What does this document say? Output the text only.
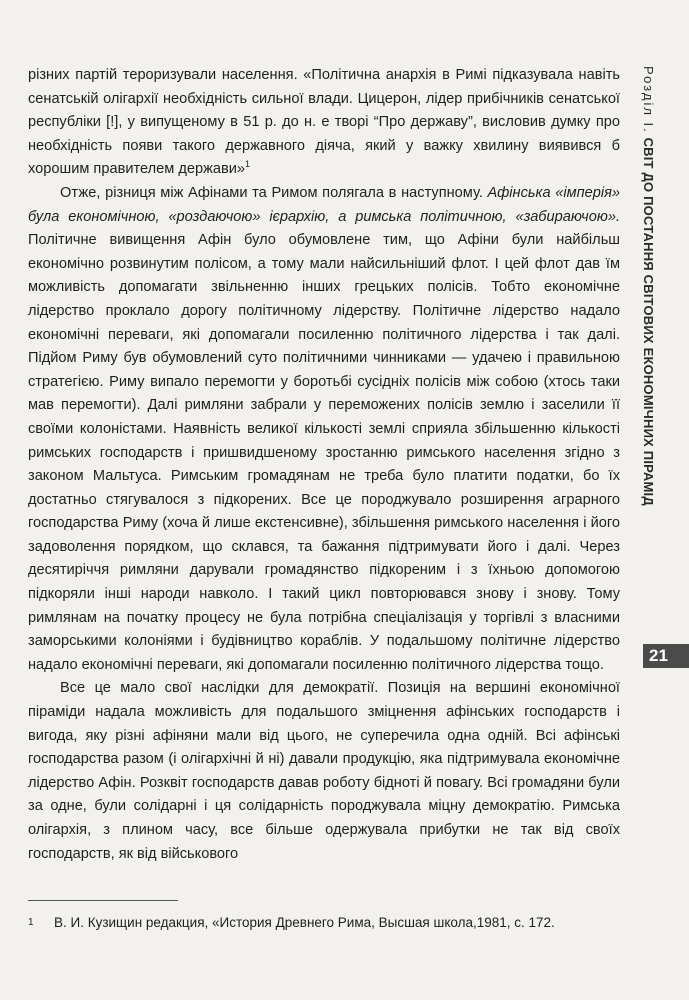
різних партій тероризували населення. «Політична анархія в Римі підказувала навіть сенатській олігархії необхідність сильної влади. Цицерон, лідер прибічників сенатської республіки [!], у випущеному в 51 р. до н. е творі “Про державу”, висловив думку про необхідність появи такого державного діяча, який у важку хвилину виявився б хорошим правителем держави»$^1$

Отже, різниця між Афінами та Римом полягала в наступному. Афінська «імперія» була економічною, «роздаючою» ієрархію, а римська політичною, «забираючою». Політичне вивищення Афін було обумовлене тим, що Афіни були найбільш економічно розвинутим полісом, а тому мали найсильніший флот. І цей флот дав їм можливість допомагати звільненню інших грецьких полісів. Тобто економічне лідерство проклало дорогу політичному лідерству. Політичне лідерство надало економічні переваги, які допомагали посиленню політичного лідерства і так далі. Підйом Риму був обумовлений суто політичними чинниками — удачею і правильною стратегією. Риму випало перемогти у боротьбі сусідніх полісів між собою (хтось таки мав перемогти). Далі римляни забрали у переможених полісів землю і заселили її своїми колоністами. Наявність великої кількості землі сприяла збільшенню кількості римських господарств і пришвидшеному зростанню римського населення згідно з законом Мальтуса. Римським громадянам не треба було платити податки, бо їх достатньо стягувалося з підкорених. Все це породжувало розширення аграрного господарства Риму (хоча й лише екстенсивне), збільшення римського населення і його задоволення порядком, що склався, та бажання підтримувати його і далі. Через десятиріччя римляни дарували громадянство підкореним і з їхньою допомогою підкоряли інші народи навколо. І такий цикл повторювався знову і знову. Тому римлянам на початку процесу не була потрібна спеціалізація у торгівлі з власними заморськими колоніями і будівництво кораблів. У подальшому політичне лідерство надало економічні переваги, які допомагали посиленню політичного лідерства тощо.

Все це мало свої наслідки для демократії. Позиція на вершині економічної піраміди надала можливість для подальшого зміцнення афінських господарств і вигода, яку різні афіняни мали від цього, не суперечила одна одній. Всі афінські господарства разом (і олігархічні й ні) давали продукцію, яка підтримувала економічне лідерство Афін. Розквіт господарств давав роботу бідноті й повагу. Всі громадяни були за одне, були солідарні і ця солідарність породжувала міцну демократію. Римська олігархія, з плином часу, все більше одержувала прибутки не так від своїх господарств, як від військового

1 В. И. Кузищин редакция, «История Древнего Рима, Высшая школа,1981, с. 172.
Розділ І. СВІТ ДО ПОСТАННЯ СВІТОВИХ ЕКОНОМІЧНИХ ПІРАМІД
21
